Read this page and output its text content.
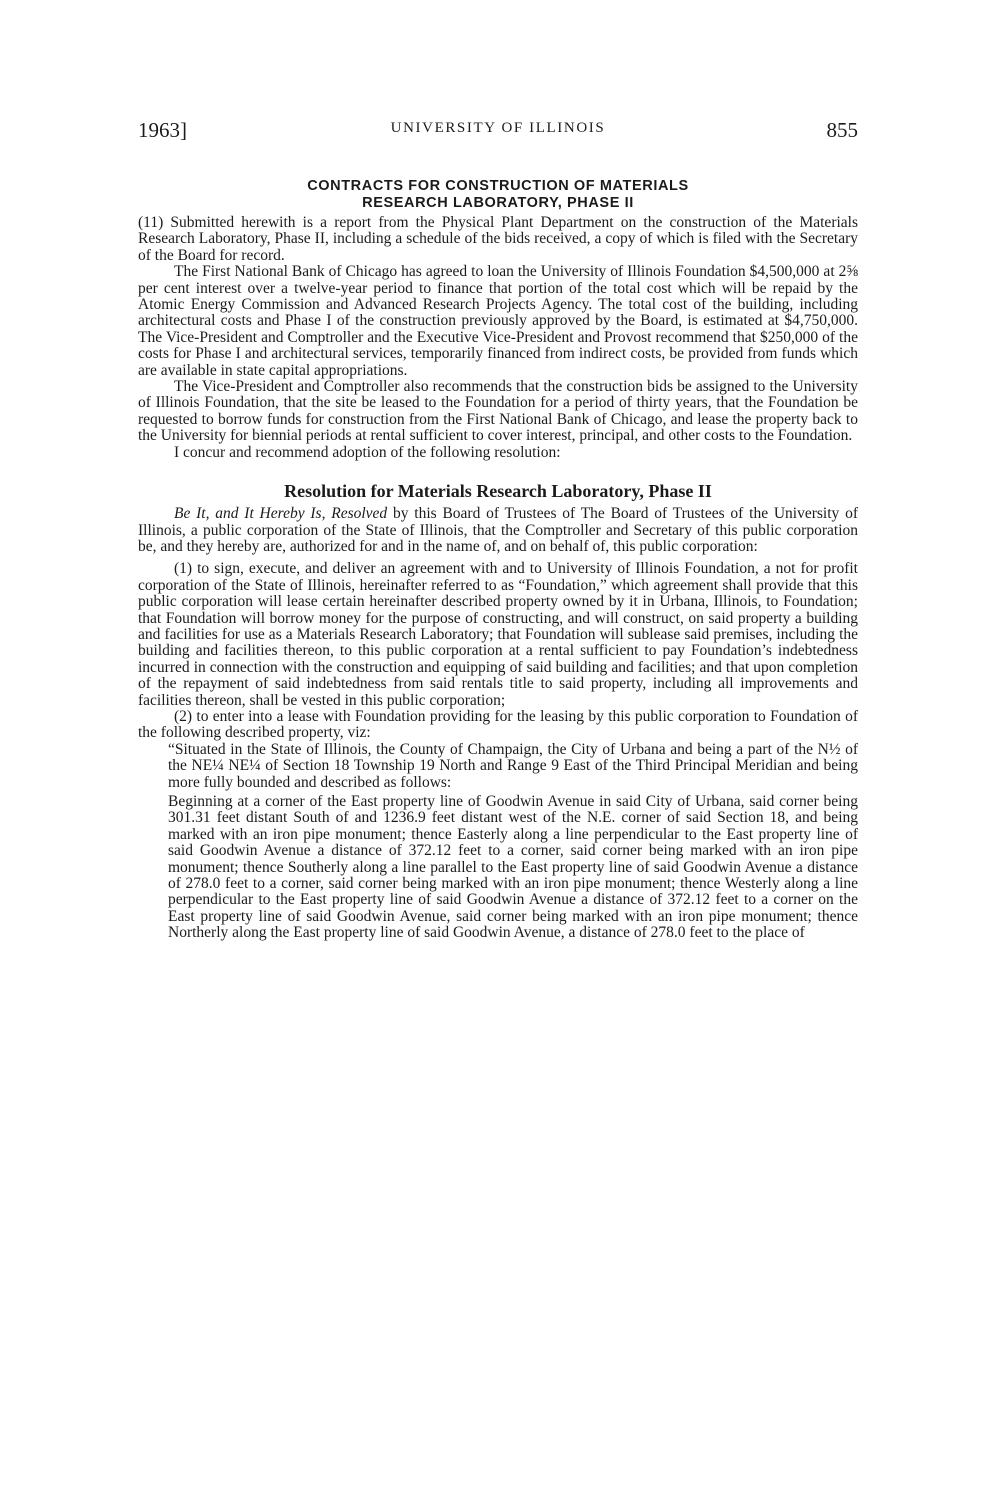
1963]	UNIVERSITY OF ILLINOIS	855
CONTRACTS FOR CONSTRUCTION OF MATERIALS
RESEARCH LABORATORY, PHASE II

(11) Submitted herewith is a report from the Physical Plant Department on the construction of the Materials Research Laboratory, Phase II, including a schedule of the bids received, a copy of which is filed with the Secretary of the Board for record.

The First National Bank of Chicago has agreed to loan the University of Illinois Foundation $4,500,000 at 2⅝ per cent interest over a twelve-year period to finance that portion of the total cost which will be repaid by the Atomic Energy Commission and Advanced Research Projects Agency. The total cost of the building, including architectural costs and Phase I of the construction previously approved by the Board, is estimated at $4,750,000. The Vice-President and Comptroller and the Executive Vice-President and Provost recommend that $250,000 of the costs for Phase I and architectural services, temporarily financed from indirect costs, be provided from funds which are available in state capital appropriations.

The Vice-President and Comptroller also recommends that the construction bids be assigned to the University of Illinois Foundation, that the site be leased to the Foundation for a period of thirty years, that the Foundation be requested to borrow funds for construction from the First National Bank of Chicago, and lease the property back to the University for biennial periods at rental sufficient to cover interest, principal, and other costs to the Foundation.

I concur and recommend adoption of the following resolution:

Resolution for Materials Research Laboratory, Phase II

Be It, and It Hereby Is, Resolved by this Board of Trustees of The Board of Trustees of the University of Illinois, a public corporation of the State of Illinois, that the Comptroller and Secretary of this public corporation be, and they hereby are, authorized for and in the name of, and on behalf of, this public corporation:

(1) to sign, execute, and deliver an agreement with and to University of Illinois Foundation, a not for profit corporation of the State of Illinois, hereinafter referred to as “Foundation,” which agreement shall provide that this public corporation will lease certain hereinafter described property owned by it in Urbana, Illinois, to Foundation; that Foundation will borrow money for the purpose of constructing, and will construct, on said property a building and facilities for use as a Materials Research Laboratory; that Foundation will sublease said premises, including the building and facilities thereon, to this public corporation at a rental sufficient to pay Foundation’s indebtedness incurred in connection with the construction and equipping of said building and facilities; and that upon completion of the repayment of said indebtedness from said rentals title to said property, including all improvements and facilities thereon, shall be vested in this public corporation;

(2) to enter into a lease with Foundation providing for the leasing by this public corporation to Foundation of the following described property, viz:

“Situated in the State of Illinois, the County of Champaign, the City of Urbana and being a part of the N½ of the NE¼ NE¼ of Section 18 Township 19 North and Range 9 East of the Third Principal Meridian and being more fully bounded and described as follows:

Beginning at a corner of the East property line of Goodwin Avenue in said City of Urbana, said corner being 301.31 feet distant South of and 1236.9 feet distant west of the N.E. corner of said Section 18, and being marked with an iron pipe monument; thence Easterly along a line perpendicular to the East property line of said Goodwin Avenue a distance of 372.12 feet to a corner, said corner being marked with an iron pipe monument; thence Southerly along a line parallel to the East property line of said Goodwin Avenue a distance of 278.0 feet to a corner, said corner being marked with an iron pipe monument; thence Westerly along a line perpendicular to the East property line of said Goodwin Avenue a distance of 372.12 feet to a corner on the East property line of said Goodwin Avenue, said corner being marked with an iron pipe monument; thence Northerly along the East property line of said Goodwin Avenue, a distance of 278.0 feet to the place of
